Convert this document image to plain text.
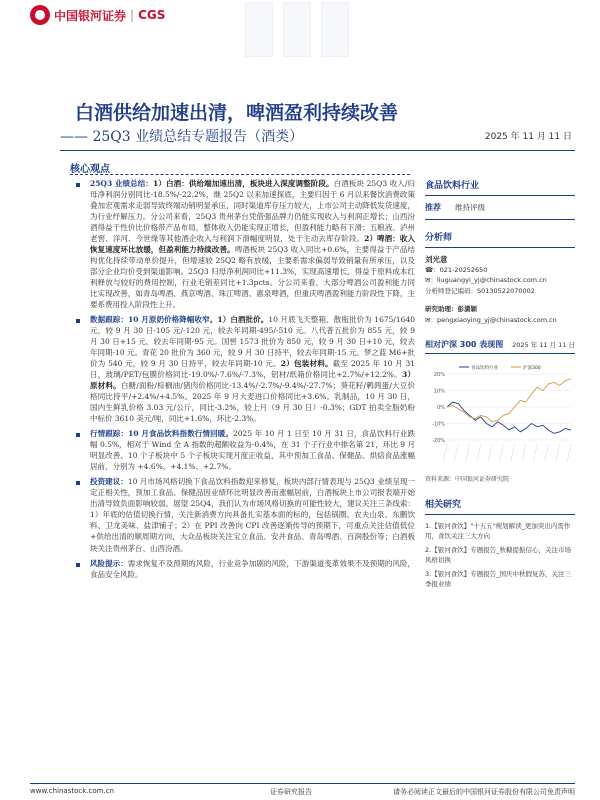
中国银河证券 | CGS
白酒供给加速出清，啤酒盈利持续改善
—— 25Q3 业绩总结专题报告（酒类）	2025 年 11 月 11 日
核心观点
25Q3 业绩总结：1）白酒：供给端加速出清，板块进入深度调整阶段。白酒板块 25Q3 收入/归母净利润分别同比-18.5%/-22.2%，继 25Q2 以来加速探底，主要归因于 6 月以来餐饮消费政策叠加宏观需求走弱导致终端动销明显承压，同时渠道库存压力较大，上市公司主动降低发货速度，为行业纾解压力。分公司来看，25Q3 贵州茅台凭借强品牌力仍能实现收入与利润正增长；山西汾酒得益于性价比价格带产品布局，整体收入仍能实现正增长，但盈利能力略有下滑；五粮液、泸州老窖、洋河、今世缘等其他酒企收入与利润下滑幅度明显，处于主动去库存阶段。2）啤酒：收入恢复速度环比放缓，但盈利能力持续改善。啤酒板块 25Q3 收入同比+0.6%，主要得益于产品结构优化持续带动单价提升，但增速较 25Q2 略有放缓，主要系需求偏弱导致销量有所承压，以及部分企业均价受到渠道影响。25Q3 归母净利润同比+11.3%，实现高速增长，得益于原料成本红利释放与较好的费用控制，行业毛销差同比+1.3pcts。分公司来看，大部分啤酒公司盈利能力同比实现改善，如青岛啤酒、燕京啤酒、珠江啤酒、惠泉啤酒，但重庆啤酒盈利能力阶段性下降，主要系费用投入阶段性上升。
数据跟踪：10 月原奶价格降幅收窄。1）白酒批价。10 月底飞天整箱、散瓶批价为 1675/1640 元，较 9 月 30 日-105 元/-120 元，较去年同期-495/-510 元。八代普五批价为 855 元，较 9 月 30 日+15 元，较去年同期-95 元。国窖 1573 批价为 850 元，较 9 月 30 日+10 元，较去年同期-10 元。青花 20 批价为 360 元，较 9 月 30 日持平，较去年同期-15 元。梦之蓝 M6+批价为 540 元，较 9 月 30 日持平，较去年同期-10 元。2）包装材料。截至 2025 年 10 月 31 日，玻璃/PET/包膜价格同比-19.0%/-7.6%/-7.3%，铝材/纸箱价格同比+2.7%/+12.2%。3）原材料。白糖/面粉/棕榈油/猪肉价格同比-13.4%/-2.7%/-9.4%/-27.7%；葵花籽/鹌鹑蛋/大豆价格同比持平/+2.4%/+4.5%。2025 年 9 月大麦进口价格同比+3.6%。乳制品，10 月 30 日，国内生鲜乳价格 3.03 元/公斤，同比-3.2%，较上月（9 月 30 日）-0.3%；GDT 拍卖全脂奶粉中标价 3610 美元/吨，同比+1.6%，环比-2.3%。
行情跟踪：10 月食品饮料指数行情回暖。2025 年 10 月 1 日至 10 月 31 日，食品饮料行业跌幅 0.5%，相对于 Wind 全 A 指数的超额收益为-0.4%，在 31 个子行业中排名第 21，环比 9 月明显改善。10 个子板块中 5 个子板块实现月度正收益，其中预加工食品、保健品、烘焙食品涨幅居前，分别为 +4.6%、+4.1%、+2.7%。
投资建议：10 月市场风格切换下食品饮料指数迎来修复，板块内部行情表现与 25Q3 业绩呈现一定正相关性，预加工食品、保健品因业绩环比明显改善而涨幅居前，白酒板块上市公司报表端开始出清导致负面影响较弱。展望 25Q4，我们认为市场风格切换的可能性较大，建议关注三条线索：1）年底的估值切换行情，关注新消费方向具备扎实基本面的标的，包括锅圈、农夫山泉、东鹏饮料、卫龙美味、盐津铺子；2）在 PPI 改善向 CPI 改善逐渐传导的预期下，可重点关注估值低位+供给出清的顺周期方向，大众品板块关注宝立食品、安井食品、青岛啤酒、百润股份等；白酒板块关注贵州茅台、山西汾酒。
风险提示：需求恢复不及预期的风险，行业竞争加剧的风险，下游渠道变革效果不及预期的风险，食品安全风险。
食品饮料行业
推荐 维持评级
分析师
刘光意
☎：021-20252650
✉：liuguangyi_yj@chinastock.com.cn
分析师登记编码：S0130522070002
研究助理：彭潇颖
✉：pengxiaoying_yj@chinastock.com.cn
相对沪深 300 表现图 2025 年 11 月 11 日
20%
10%
0%
-10%
-20%
食品饮料行业	沪深300
资料来源：中国银河证券研究院
相关研究
1.【银河食饮】"十五五"规划解读_更加突出内需作用，食饮关注三大方向
2.【银河食饮】专题报告_秋糖提振信心，关注市场风格切换
3.【银河食饮】专题报告_国庆中秋假复苏，关注三季报业绩
www.chinastock.com.cn	证券研究报告	请务必阅读正文最后的中国银河证券股份有限公司免责声明
